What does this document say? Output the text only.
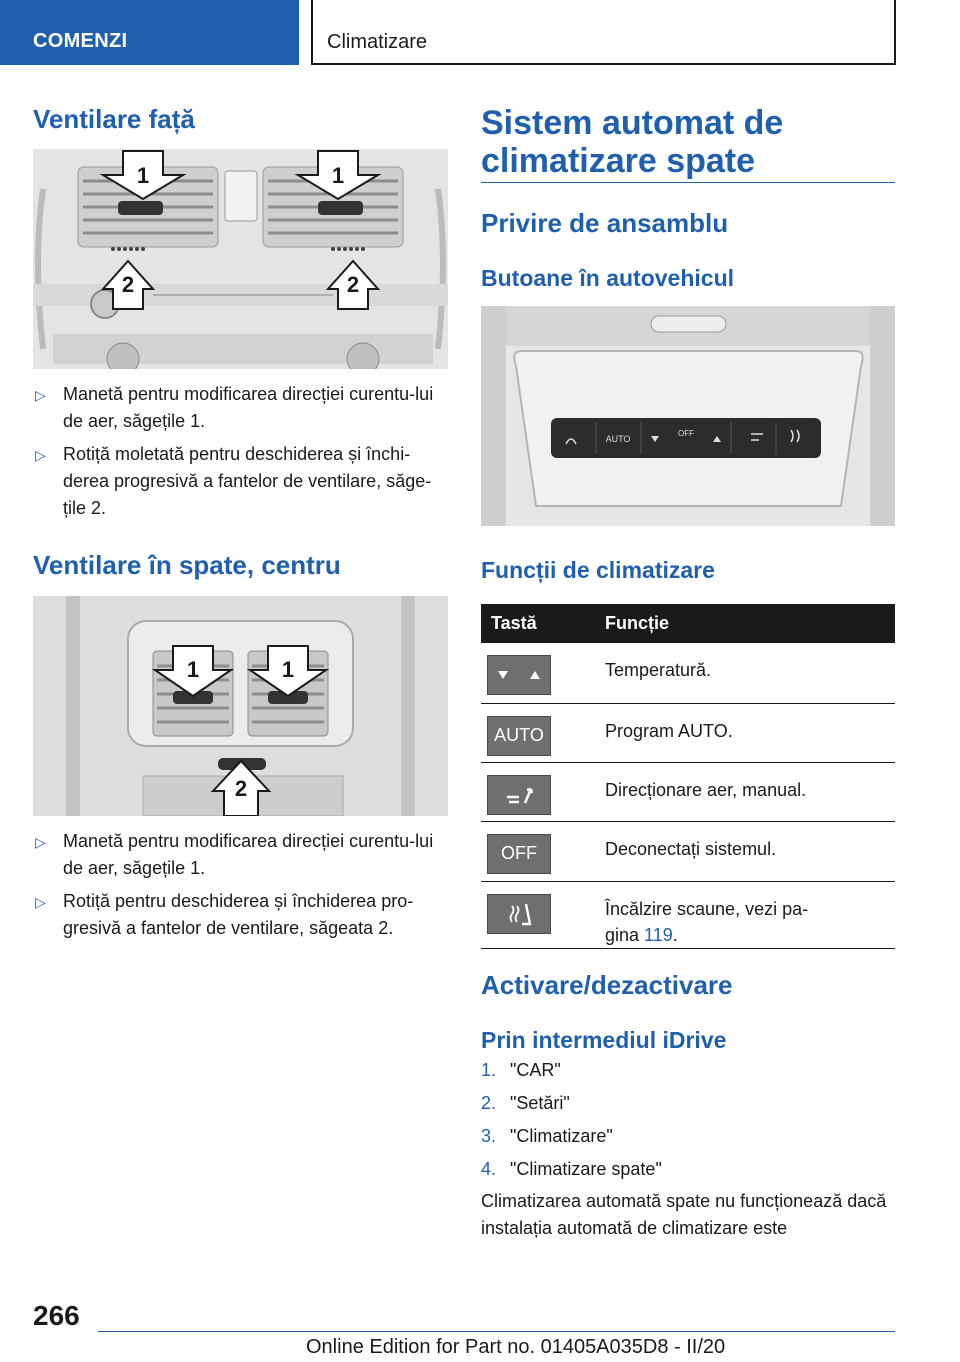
COMENZI	Climatizare
Ventilare față
1	1
2	2
▷ Manetă pentru modificarea direcției curentu-lui de aer, săgețile 1.
▷ Rotiță moletată pentru deschiderea și închi-derea progresivă a fantelor de ventilare, săge-țile 2.
Ventilare în spate, centru
1	1
2
▷ Manetă pentru modificarea direcției curentu-lui de aer, săgețile 1.
▷ Rotiță pentru deschiderea și închiderea pro-gresivă a fantelor de ventilare, săgeata 2.
Sistem automat de climatizare spate
Privire de ansamblu
Butoane în autovehicul
AUTO
OFF
Funcții de climatizare
Tastă	Funcție

	Temperatură.

AUTO	Program AUTO.

	Direcționare aer, manual.

OFF	Deconectați sistemul.

	Încălzire scaune, vezi pa-
gina 119.
Activare/dezactivare
Prin intermediul iDrive
1. "CAR"
2. "Setări"
3. "Climatizare"
4. "Climatizare spate"
Climatizarea automată spate nu funcționează dacă instalația automată de climatizare este
266
Online Edition for Part no. 01405A035D8 - II/20
